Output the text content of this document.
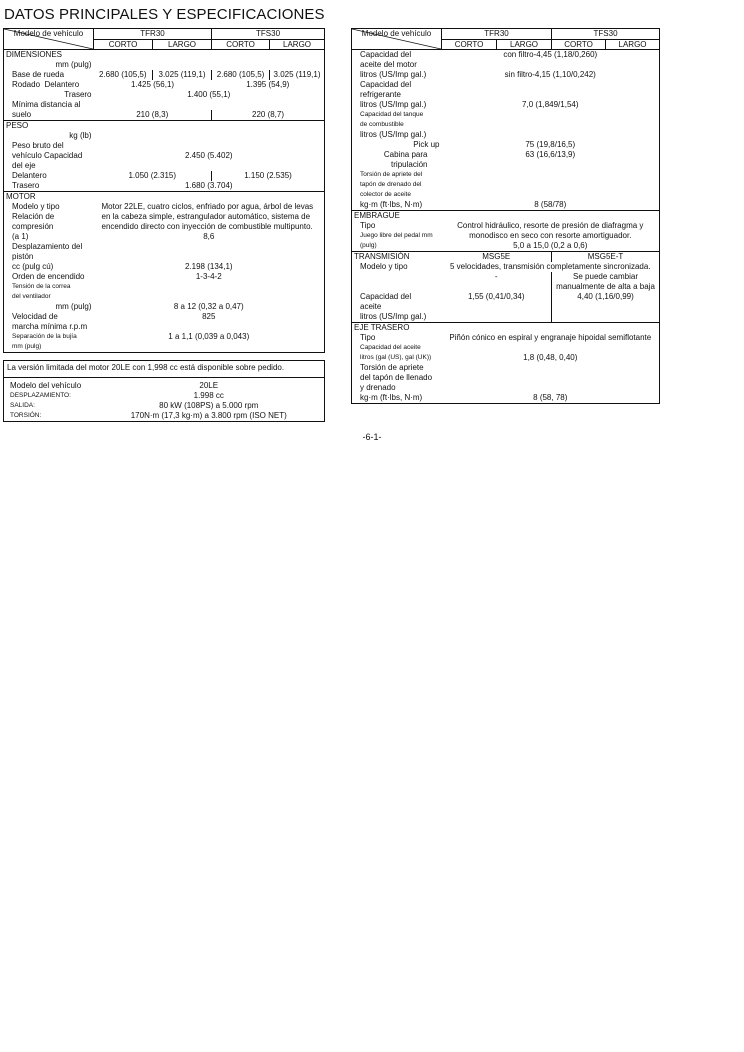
DATOS PRINCIPALES Y ESPECIFICACIONES
Modelo de vehículo	TFR30		TFS30	
	CORTO	LARGO	CORTO	LARGO
DIMENSIONES				
mm (pulg)				
Base de rueda	2.680 (105,5)	3.025 (119,1)	2.680 (105,5)	3.025 (119,1)
Rodado Delantero	1.425 (56,1)		1.395 (54,9)	
Trasero	1.400 (55,1)			
Mínima distancia al				
suelo	210 (8,3)		220 (8,7)	
PESO				
kg (lb)				
Peso bruto del				
vehículo Capacidad	2.450 (5.402)			
del eje				
Delantero	1.050 (2.315)		1.150 (2.535)	
Trasero	1.680 (3.704)			
MOTOR				
Modelo y tipo	Motor 22LE, cuatro ciclos, enfriado por agua, árbol de levas			
Relación de	en la cabeza simple, estrangulador automático, sistema de			
compresión	encendido directo con inyección de combustible multipunto.			
(a 1)	8,6			
Desplazamiento del				
pistón				
cc (pulg cú)	2.198 (134,1)			
Orden de encendido	1-3-4-2			
Tensión de la correa				
del ventilador				
mm (pulg)	8 a 12 (0,32 a 0,47)			
Velocidad de	825			
marcha mínima r.p.m				
Separación de la bujía	1 a 1,1 (0,039 a 0,043)			
mm (pulg)				
La versión limitada del motor 20LE con 1,998 cc está disponible sobre pedido.	
Modelo del vehículo	20LE
DESPLAZAMIENTO:	1.998 cc
SALIDA:	80 kW (108PS) a 5.000 rpm
TORSIÓN:	170N·m (17,3 kg·m) a 3.800 rpm (ISO NET)
Modelo de vehículo	TFR30		TFS30	
	CORTO	LARGO	CORTO	LARGO
Capacidad del	con filtro-4,45 (1,18/0,260)			
aceite del motor				
litros (US/Imp gal.)	sin filtro-4,15 (1,10/0,242)			
Capacidad del				
refrigerante				
litros (US/Imp gal.)	7,0 (1,849/1,54)			
Capacidad del tanque				
de combustible				
litros (US/Imp gal.)				
Pick up	75 (19,8/16,5)			
Cabina para	63 (16,6/13,9)			
tripulación				
Torsión de apriete del				
tapón de drenado del				
colector de aceite				
kg·m (ft·lbs, N·m)	8 (58/78)			
EMBRAGUE				
Tipo	Control hidráulico, resorte de presión de diafragma y			
Juego libre del pedal mm	monodisco en seco con resorte amortiguador.			
(pulg)	5,0 a 15,0 (0,2 a 0,6)			
TRANSMISIÓN	MSG5E		MSG5E-T	
Modelo y tipo	5 velocidades, transmisión completamente sincronizada.			
	-		Se puede cambiar	
			manualmente de alta a baja	
Capacidad del	1,55 (0,41/0,34)		4,40 (1,16/0,99)	
aceite				
litros (US/Imp gal.)				
EJE TRASERO				
Tipo	Piñón cónico en espiral y engranaje hipoidal semiflotante			
Capacidad del aceite				
litros (gal (US), gal (UK))	1,8 (0,48, 0,40)			
Torsión de apriete				
del tapón de llenado				
y drenado				
kg·m (ft·lbs, N·m)	8 (58, 78)			
-6-1-
